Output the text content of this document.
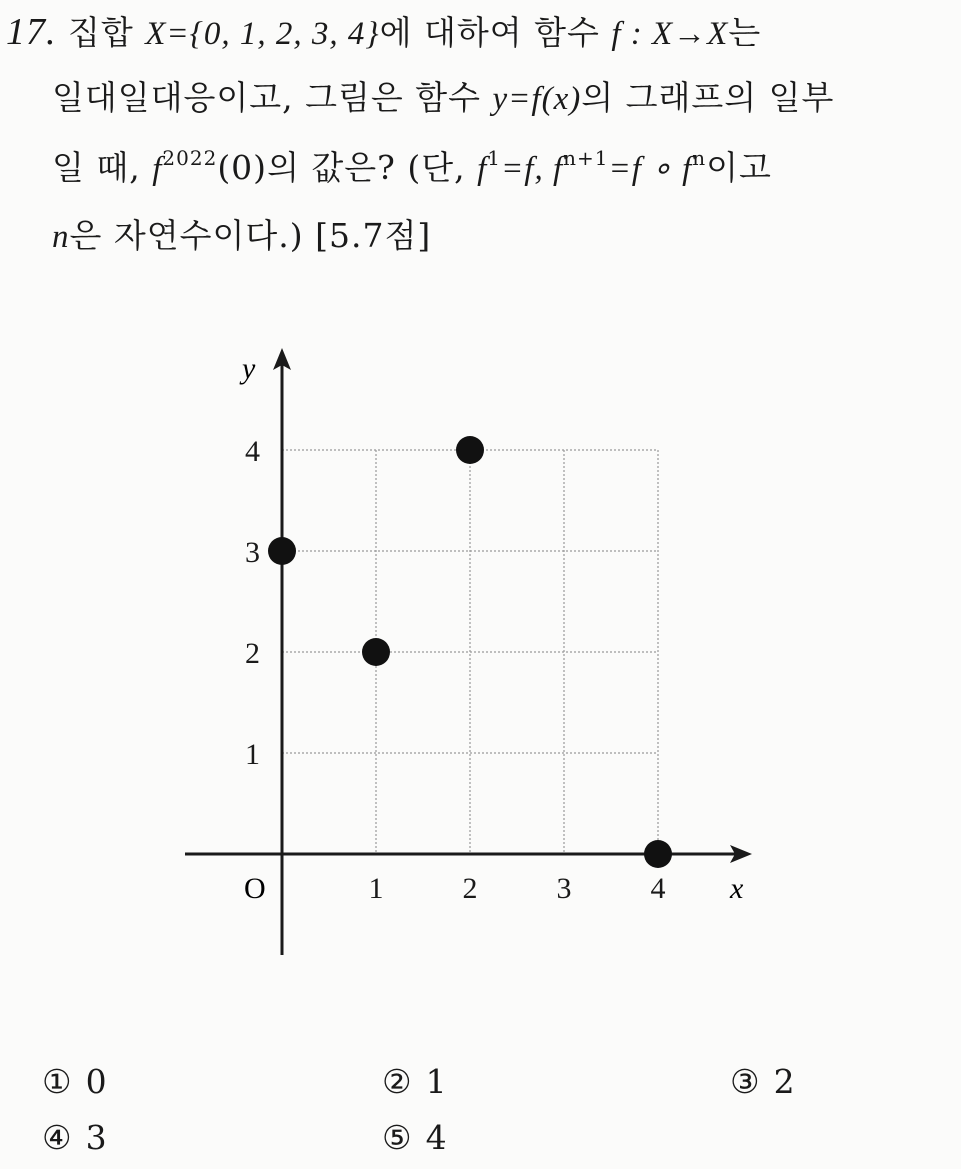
17. 집합 X={0, 1, 2, 3, 4}에 대하여 함수 f : X→X는
일대일대응이고, 그림은 함수 y=f(x)의 그래프의 일부
일 때, $f^{2022}(0)$의 값은? (단, $f^1=f$, $f^{n+1}=f$ ∘ $f^n$이고
n은 자연수이다.) [5.7점]
1	2	3	4
1
2
3
4
y
x
O
① 0	② 1	③ 2
④ 3	⑤ 4
